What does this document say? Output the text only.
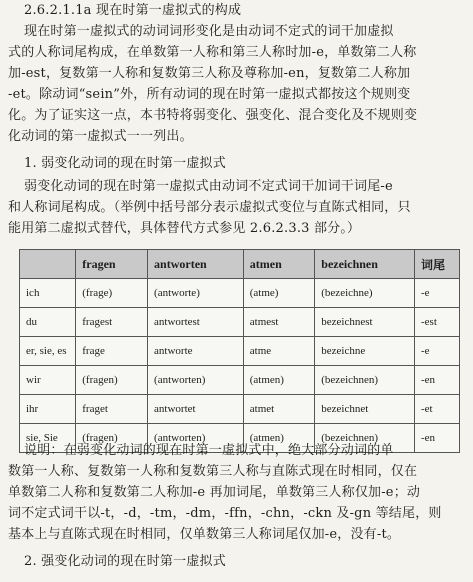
2.6.2.1.1a 现在时第一虚拟式的构成
现在时第一虚拟式的动词词形变化是由动词不定式的词干加虚拟
式的人称词尾构成，在单数第一人称和第三人称时加-e，单数第二人称
加-est，复数第一人称和复数第三人称及尊称加-en，复数第二人称加
-et。除动词“sein”外，所有动词的现在时第一虚拟式都按这个规则变
化。为了证实这一点，本书特将弱变化、强变化、混合变化及不规则变
化动词的第一虚拟式一一列出。
1. 弱变化动词的现在时第一虚拟式
弱变化动词的现在时第一虚拟式由动词不定式词干加词干词尾-e
和人称词尾构成。（举例中括号部分表示虚拟式变位与直陈式相同，只
能用第二虚拟式替代，具体替代方式参见 2.6.2.3.3 部分。）
	fragen	antworten	atmen	bezeichnen	词尾
ich	(frage)	(antworte)	(atme)	(bezeichne)	-e
du	fragest	antwortest	atmest	bezeichnest	-est
er, sie, es	frage	antworte	atme	bezeichne	-e
wir	(fragen)	(antworten)	(atmen)	(bezeichnen)	-en
ihr	fraget	antwortet	atmet	bezeichnet	-et
sie, Sie	(fragen)	(antworten)	(atmen)	(bezeichnen)	-en
说明：在弱变化动词的现在时第一虚拟式中，绝大部分动词的单
数第一人称、复数第一人称和复数第三人称与直陈式现在时相同，仅在
单数第二人称和复数第二人称加-e 再加词尾，单数第三人称仅加-e；动
词不定式词干以-t，-d，-tm，-dm，-ffn，-chn，-ckn 及-gn 等结尾，则
基本上与直陈式现在时相同，仅单数第三人称词尾仅加-e，没有-t。
2. 强变化动词的现在时第一虚拟式
